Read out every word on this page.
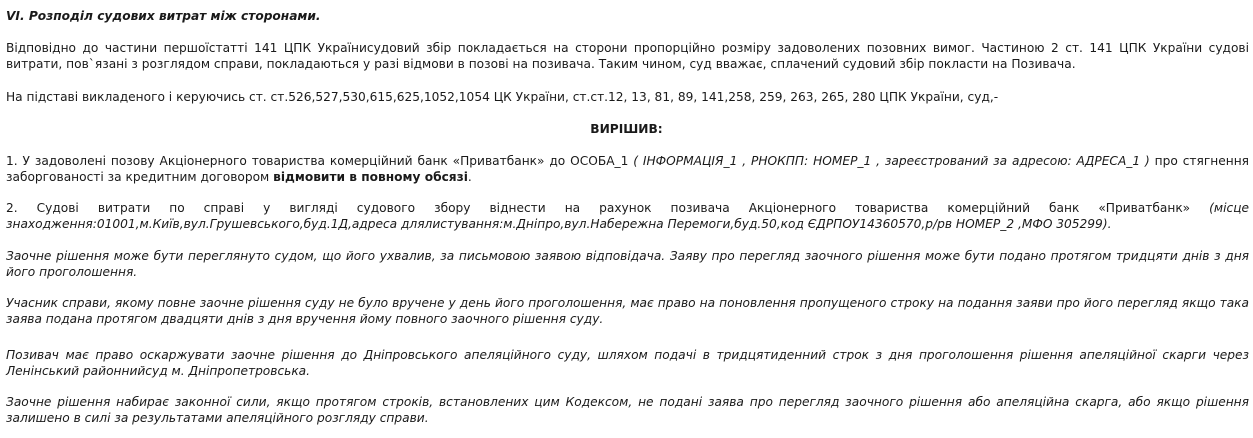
VI. Розподіл судових витрат між сторонами.
Відповідно до частини першоїстатті 141 ЦПК Українисудовий збір покладається на сторони пропорційно розміру задоволених позовних вимог. Частиною 2 ст. 141 ЦПК України судові витрати, пов`язані з розглядом справи, покладаються у разі відмови в позові на позивача. Таким чином, суд вважає, сплачений судовий збір покласти на Позивача.
На підставі викладеного і керуючись ст. ст.526,527,530,615,625,1052,1054 ЦК України, ст.ст.12, 13, 81, 89, 141,258, 259, 263, 265, 280 ЦПК України, суд,-
ВИРІШИВ:
1. У задоволені позову Акціонерного товариства комерційний банк «Приватбанк» до ОСОБА_1 ( ІНФОРМАЦІЯ_1 , РНОКПП: НОМЕР_1 , зареєстрований за адресою: АДРЕСА_1 ) про стягнення заборгованості за кредитним договором відмовити в повному обсязі.
2. Судові витрати по справі у вигляді судового збору віднести на рахунок позивача Акціонерного товариства комерційний банк «Приватбанк» (місце знаходження:01001,м.Київ,вул.Грушевського,буд.1Д,адреса длялистування:м.Дніпро,вул.Набережна Перемоги,буд.50,код ЄДРПОУ14360570,р/рв НОМЕР_2 ,МФО 305299).
Заочне рішення може бути переглянуто судом, що його ухвалив, за письмовою заявою відповідача. Заяву про перегляд заочного рішення може бути подано протягом тридцяти днів з дня його проголошення.
Учасник справи, якому повне заочне рішення суду не було вручене у день його проголошення, має право на поновлення пропущеного строку на подання заяви про його перегляд якщо така заява подана протягом двадцяти днів з дня вручення йому повного заочного рішення суду.
Позивач має право оскаржувати заочне рішення до Дніпровського апеляційного суду, шляхом подачі в тридцятиденний строк з дня проголошення рішення апеляційної скарги через Ленінський районнийсуд м. Дніпропетровська.
Заочне рішення набирає законної сили, якщо протягом строків, встановлених цим Кодексом, не подані заява про перегляд заочного рішення або апеляційна скарга, або якщо рішення залишено в силі за результатами апеляційного розгляду справи.
